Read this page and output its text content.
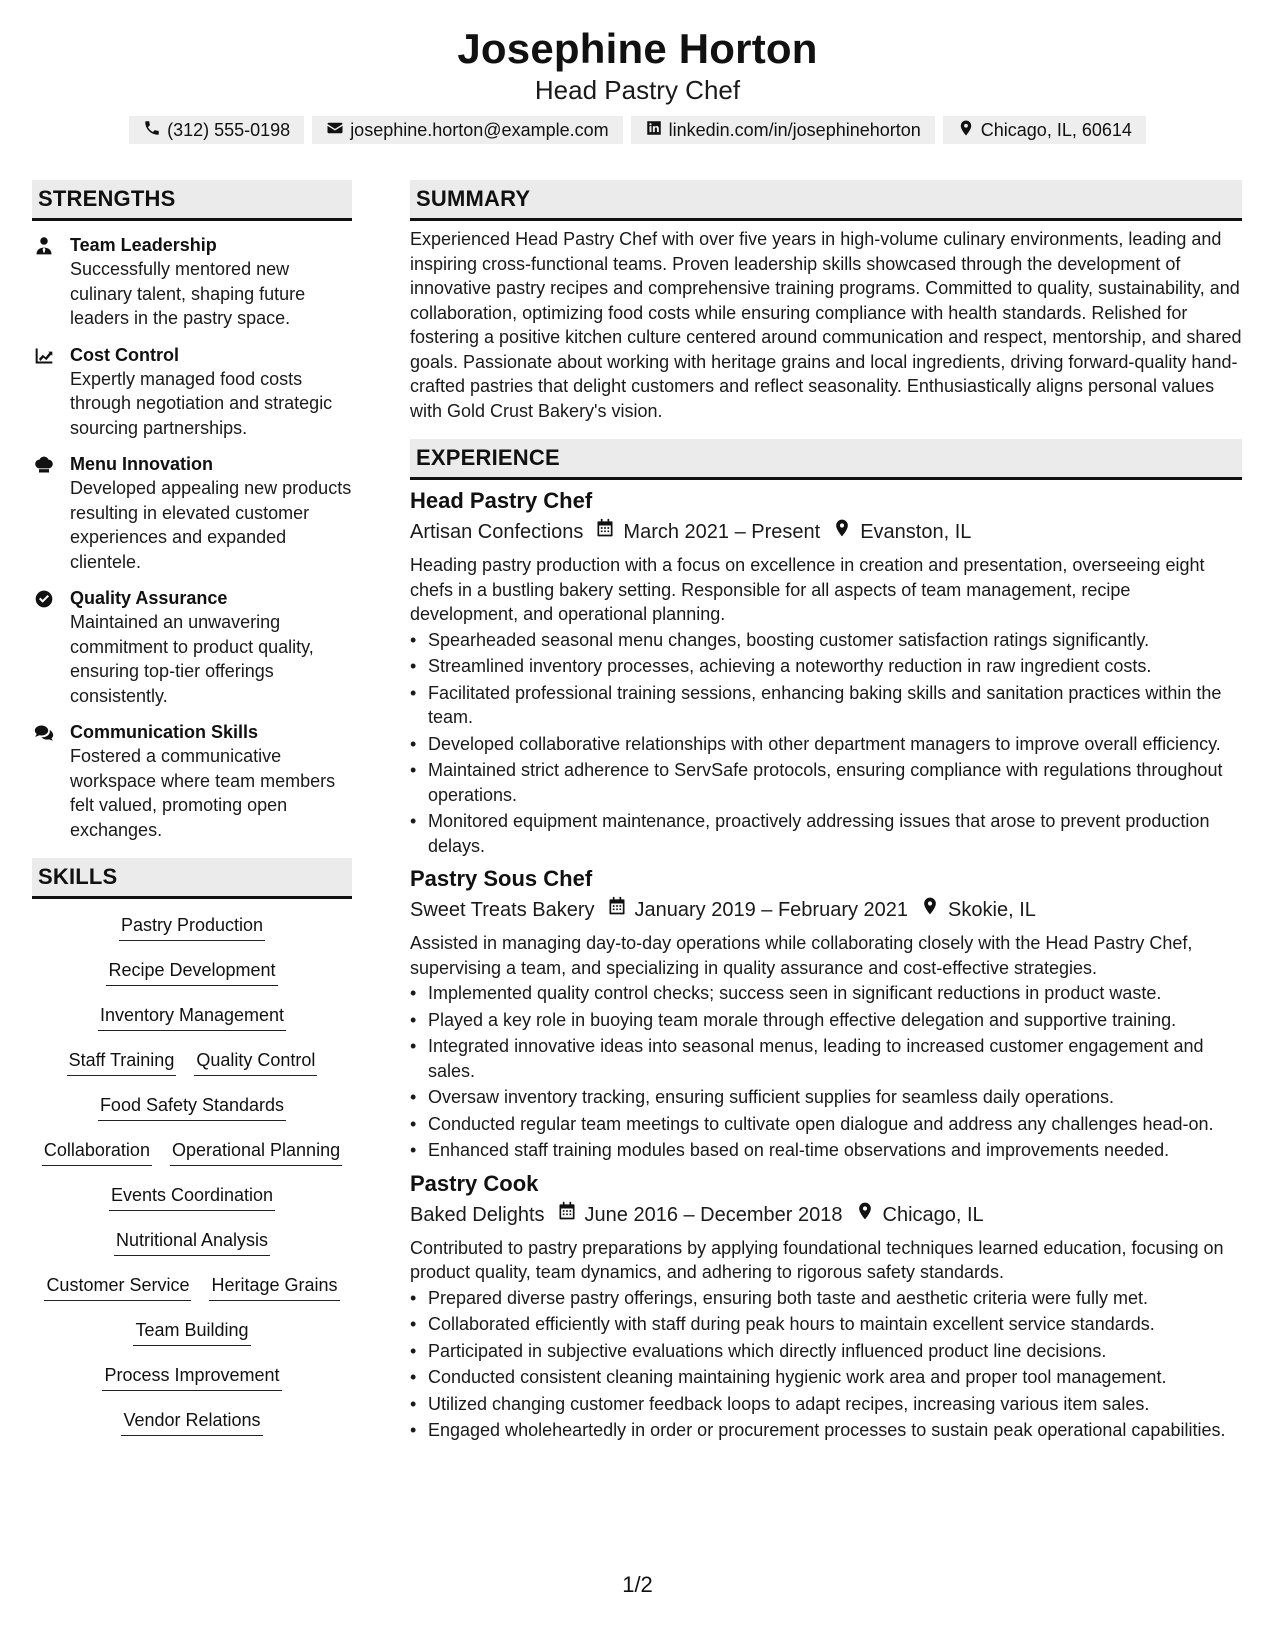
Josephine Horton
Head Pastry Chef
(312) 555-0198	josephine.horton@example.com	linkedin.com/in/josephinehorton	Chicago, IL, 60614
STRENGTHS
Team Leadership
Successfully mentored new culinary talent, shaping future leaders in the pastry space.
Cost Control
Expertly managed food costs through negotiation and strategic sourcing partnerships.
Menu Innovation
Developed appealing new products resulting in elevated customer experiences and expanded clientele.
Quality Assurance
Maintained an unwavering commitment to product quality, ensuring top-tier offerings consistently.
Communication Skills
Fostered a communicative workspace where team members felt valued, promoting open exchanges.
SKILLS
Pastry Production
Recipe Development
Inventory Management
Staff Training Quality Control
Food Safety Standards
Collaboration Operational Planning
Events Coordination
Nutritional Analysis
Customer Service Heritage Grains
Team Building
Process Improvement
Vendor Relations
SUMMARY
Experienced Head Pastry Chef with over five years in high-volume culinary environments, leading and inspiring cross-functional teams. Proven leadership skills showcased through the development of innovative pastry recipes and comprehensive training programs. Committed to quality, sustainability, and collaboration, optimizing food costs while ensuring compliance with health standards. Relished for fostering a positive kitchen culture centered around communication and respect, mentorship, and shared goals. Passionate about working with heritage grains and local ingredients, driving forward-quality hand-crafted pastries that delight customers and reflect seasonality. Enthusiastically aligns personal values with Gold Crust Bakery's vision.
EXPERIENCE
Head Pastry Chef
Artisan Confections March 2021 – Present Evanston, IL
Heading pastry production with a focus on excellence in creation and presentation, overseeing eight chefs in a bustling bakery setting. Responsible for all aspects of team management, recipe development, and operational planning.
• Spearheaded seasonal menu changes, boosting customer satisfaction ratings significantly.
• Streamlined inventory processes, achieving a noteworthy reduction in raw ingredient costs.
• Facilitated professional training sessions, enhancing baking skills and sanitation practices within the team.
• Developed collaborative relationships with other department managers to improve overall efficiency.
• Maintained strict adherence to ServSafe protocols, ensuring compliance with regulations throughout operations.
• Monitored equipment maintenance, proactively addressing issues that arose to prevent production delays.
Pastry Sous Chef
Sweet Treats Bakery January 2019 – February 2021 Skokie, IL
Assisted in managing day-to-day operations while collaborating closely with the Head Pastry Chef, supervising a team, and specializing in quality assurance and cost-effective strategies.
• Implemented quality control checks; success seen in significant reductions in product waste.
• Played a key role in buoying team morale through effective delegation and supportive training.
• Integrated innovative ideas into seasonal menus, leading to increased customer engagement and sales.
• Oversaw inventory tracking, ensuring sufficient supplies for seamless daily operations.
• Conducted regular team meetings to cultivate open dialogue and address any challenges head-on.
• Enhanced staff training modules based on real-time observations and improvements needed.
Pastry Cook
Baked Delights June 2016 – December 2018 Chicago, IL
Contributed to pastry preparations by applying foundational techniques learned education, focusing on product quality, team dynamics, and adhering to rigorous safety standards.
• Prepared diverse pastry offerings, ensuring both taste and aesthetic criteria were fully met.
• Collaborated efficiently with staff during peak hours to maintain excellent service standards.
• Participated in subjective evaluations which directly influenced product line decisions.
• Conducted consistent cleaning maintaining hygienic work area and proper tool management.
• Utilized changing customer feedback loops to adapt recipes, increasing various item sales.
• Engaged wholeheartedly in order or procurement processes to sustain peak operational capabilities.
1/2
